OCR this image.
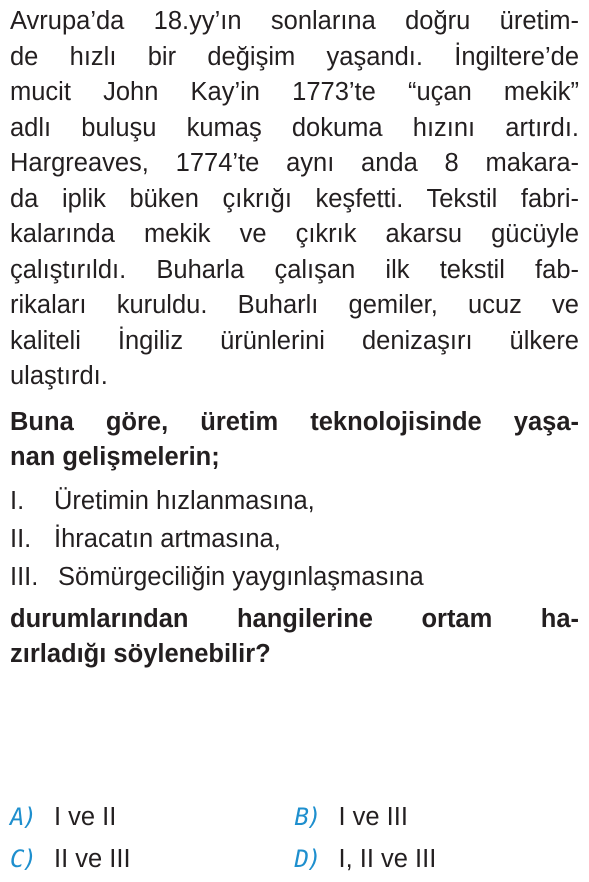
Avrupa’da 18.yy’ın sonlarına doğru üretim-
de hızlı bir değişim yaşandı. İngiltere’de
mucit John Kay’in 1773’te “uçan mekik”
adlı buluşu kumaş dokuma hızını artırdı.
Hargreaves, 1774’te aynı anda 8 makara-
da iplik büken çıkrığı keşfetti. Tekstil fabri-
kalarında mekik ve çıkrık akarsu gücüyle
çalıştırıldı. Buharla çalışan ilk tekstil fab-
rikaları kuruldu. Buharlı gemiler, ucuz ve
kaliteli İngiliz ürünlerini denizaşırı ülkere
ulaştırdı.
Buna göre, üretim teknolojisinde yaşa-
nan gelişmelerin;
I.	Üretimin hızlanmasına,
II. İhracatın artmasına,
III. Sömürgeciliğin yaygınlaşmasına
durumlarından hangilerine ortam ha-
zırladığı söylenebilir?
A) I ve II	B) I ve III
C) II ve III	D) I, II ve III
